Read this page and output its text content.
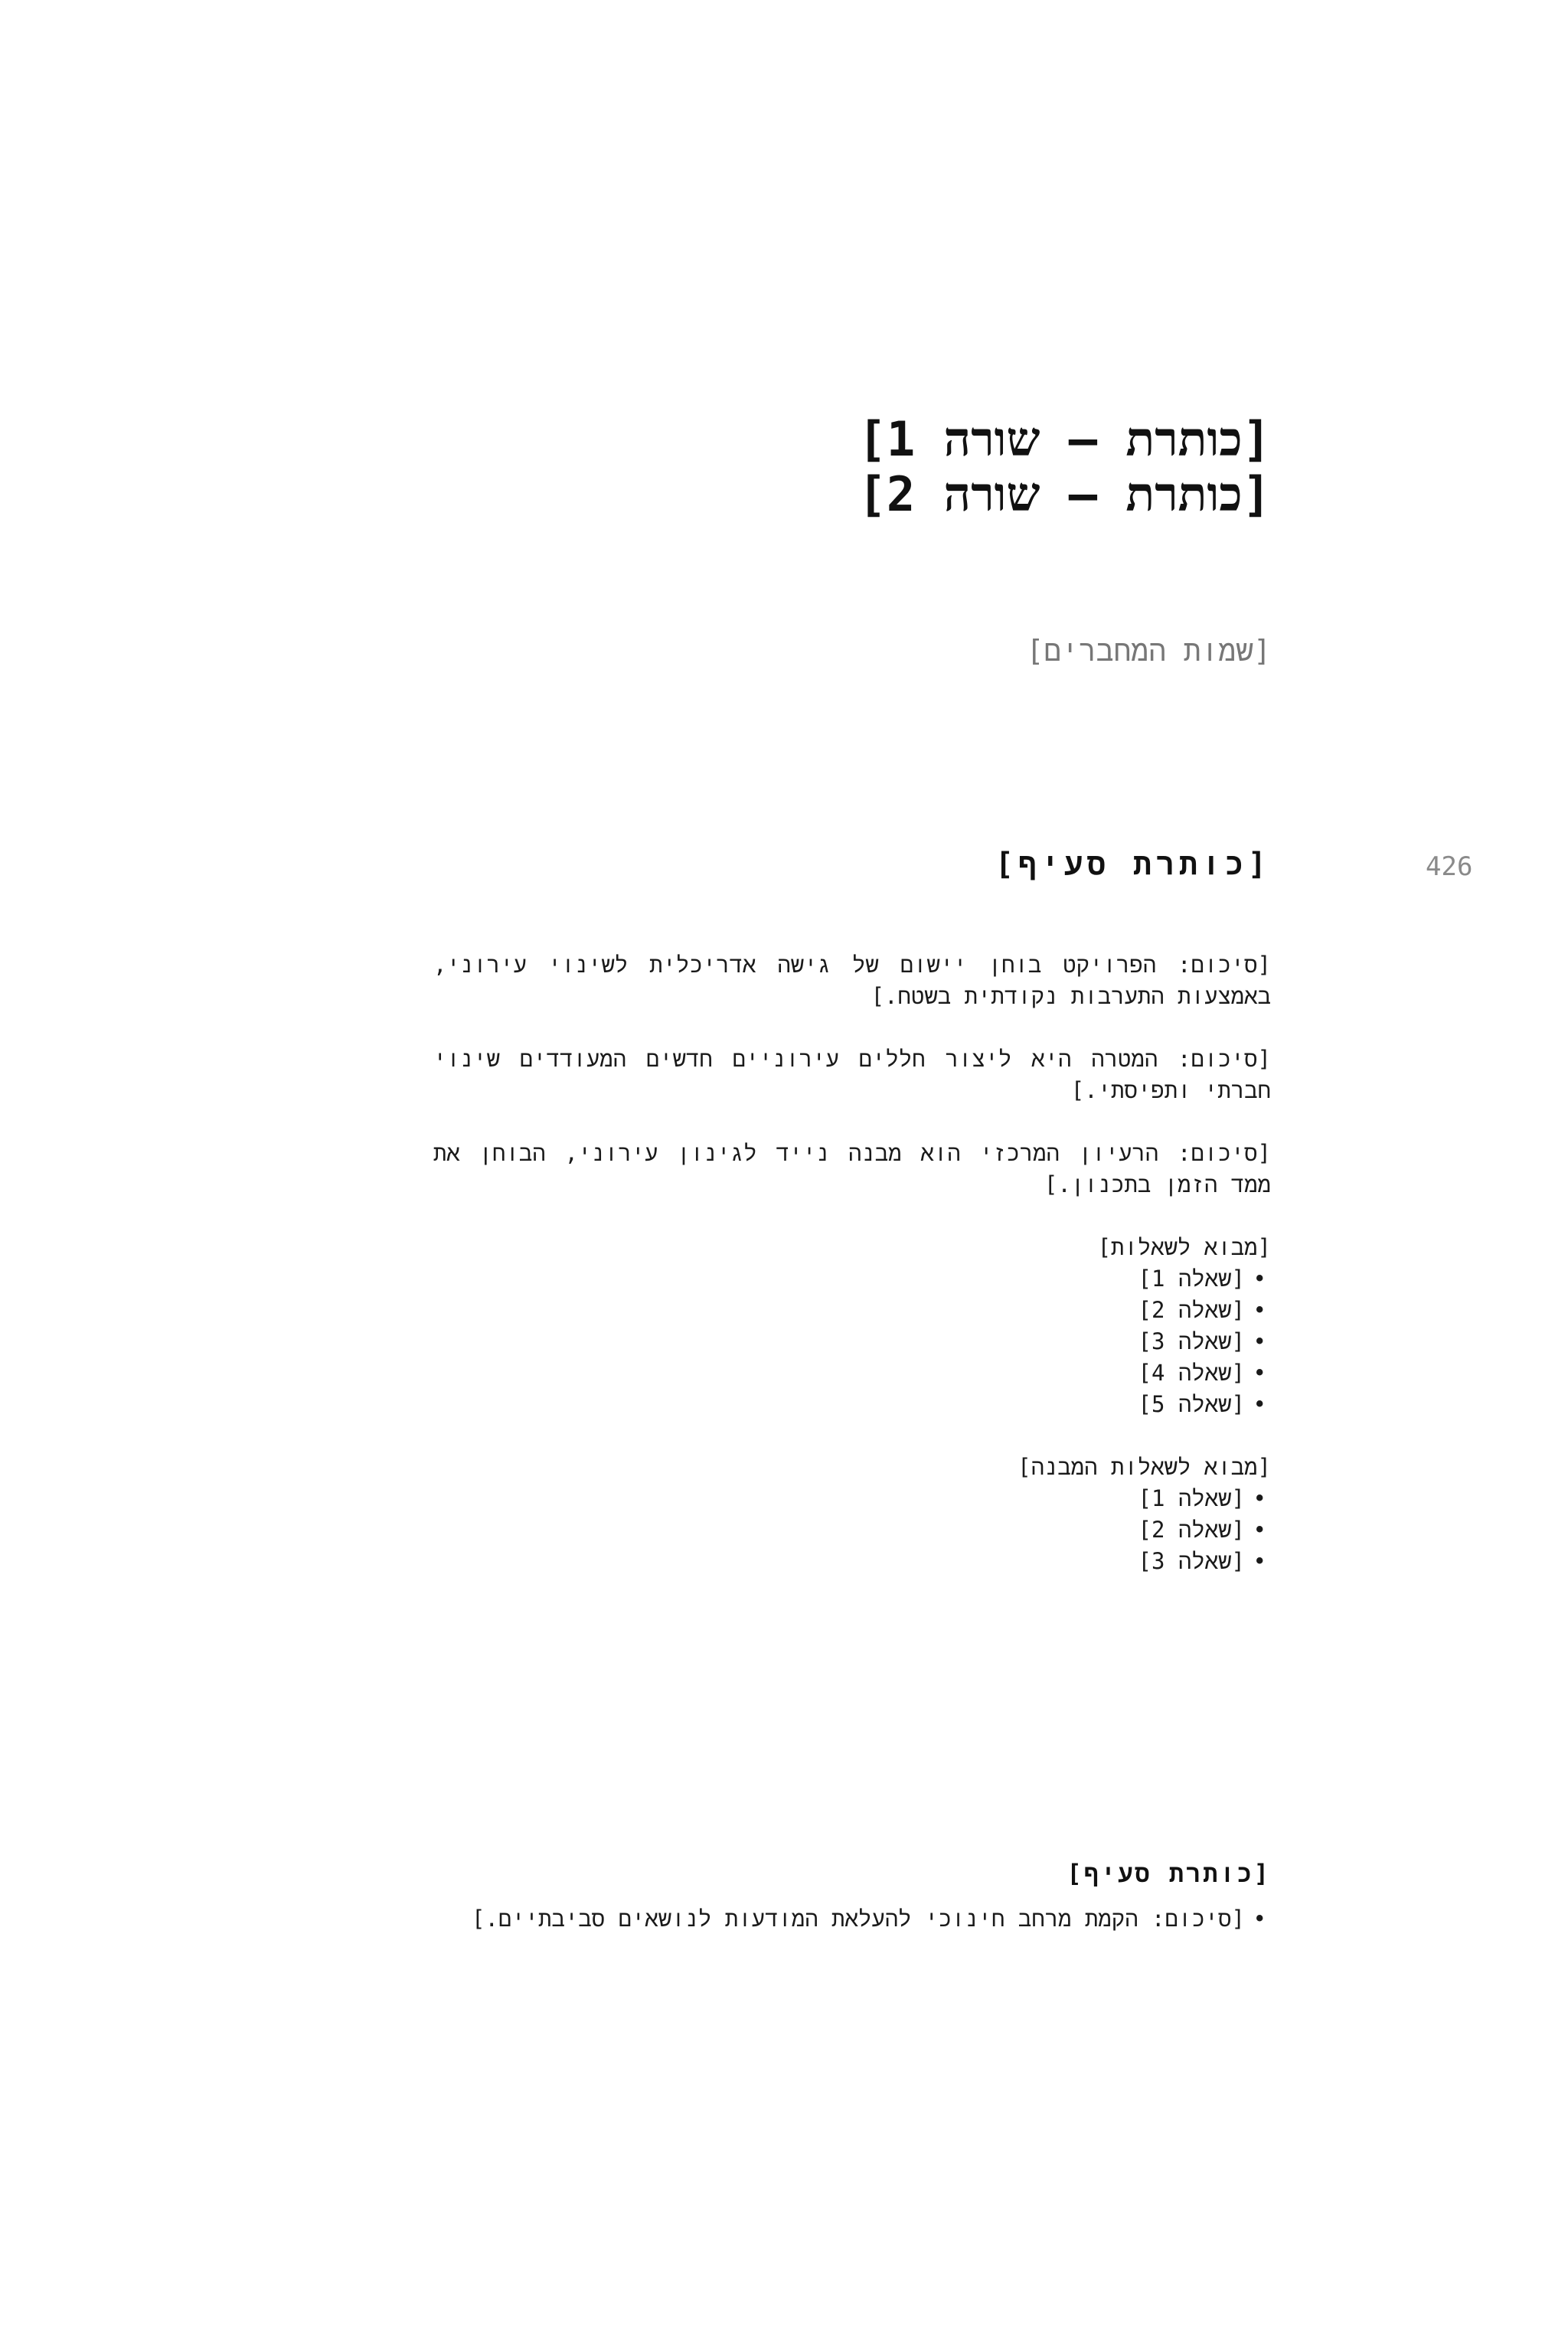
426
[כותרת — שורה 1]
[כותרת — שורה 2]
[שמות המחברים]
[כותרת סעיף]

[סיכום: הפרויקט בוחן יישום של גישה אדריכלית לשינוי עירוני, באמצעות התערבות נקודתית בשטח.]

[סיכום: המטרה היא ליצור חללים עירוניים חדשים המעודדים שינוי חברתי ותפיסתי.]

[סיכום: הרעיון המרכזי הוא מבנה נייד לגינון עירוני, הבוחן את ממד הזמן בתכנון.]

[מבוא לשאלות]

• [שאלה 1]
• [שאלה 2]
• [שאלה 3]
• [שאלה 4]
• [שאלה 5]

[מבוא לשאלות המבנה]

• [שאלה 1]
• [שאלה 2]
• [שאלה 3]
[כותרת סעיף]
• [סיכום: הקמת מרחב חינוכי להעלאת המודעות לנושאים סביבתיים.]
